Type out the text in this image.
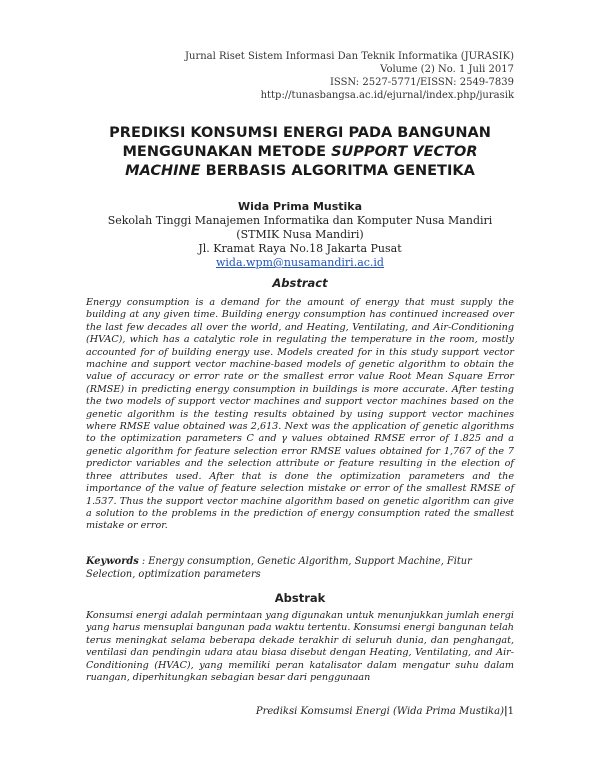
Jurnal Riset Sistem Informasi Dan Teknik Informatika (JURASIK)
Volume (2) No. 1 Juli 2017
ISSN: 2527-5771/EISSN: 2549-7839
http://tunasbangsa.ac.id/ejurnal/index.php/jurasik
PREDIKSI KONSUMSI ENERGI PADA BANGUNAN
MENGGUNAKAN METODE SUPPORT VECTOR
MACHINE BERBASIS ALGORITMA GENETIKA
Wida Prima Mustika
Sekolah Tinggi Manajemen Informatika dan Komputer Nusa Mandiri
(STMIK Nusa Mandiri)
Jl. Kramat Raya No.18 Jakarta Pusat
wida.wpm@nusamandiri.ac.id
Abstract
Energy consumption is a demand for the amount of energy that must supply the building at any given time. Building energy consumption has continued increased over the last few decades all over the world, and Heating, Ventilating, and Air-Conditioning (HVAC), which has a catalytic role in regulating the temperature in the room, mostly accounted for of building energy use. Models created for in this study support vector machine and support vector machine-based models of genetic algorithm to obtain the value of accuracy or error rate or the smallest error value Root Mean Square Error (RMSE) in predicting energy consumption in buildings is more accurate. After testing the two models of support vector machines and support vector machines based on the genetic algorithm is the testing results obtained by using support vector machines where RMSE value obtained was 2,613. Next was the application of genetic algorithms to the optimization parameters C and γ values obtained RMSE error of 1.825 and a genetic algorithm for feature selection error RMSE values obtained for 1,767 of the 7 predictor variables and the selection attribute or feature resulting in the election of three attributes used. After that is done the optimization parameters and the importance of the value of feature selection mistake or error of the smallest RMSE of 1.537. Thus the support vector machine algorithm based on genetic algorithm can give a solution to the problems in the prediction of energy consumption rated the smallest mistake or error.
Keywords : Energy consumption, Genetic Algorithm, Support Machine, Fitur Selection, optimization parameters
Abstrak
Konsumsi energi adalah permintaan yang digunakan untuk menunjukkan jumlah energi yang harus mensuplai bangunan pada waktu tertentu. Konsumsi energi bangunan telah terus meningkat selama beberapa dekade terakhir di seluruh dunia, dan penghangat, ventilasi dan pendingin udara atau biasa disebut dengan Heating, Ventilating, and Air-Conditioning (HVAC), yang memiliki peran katalisator dalam mengatur suhu dalam ruangan, diperhitungkan sebagian besar dari penggunaan
Prediksi Komsumsi Energi (Wida Prima Mustika)|1
